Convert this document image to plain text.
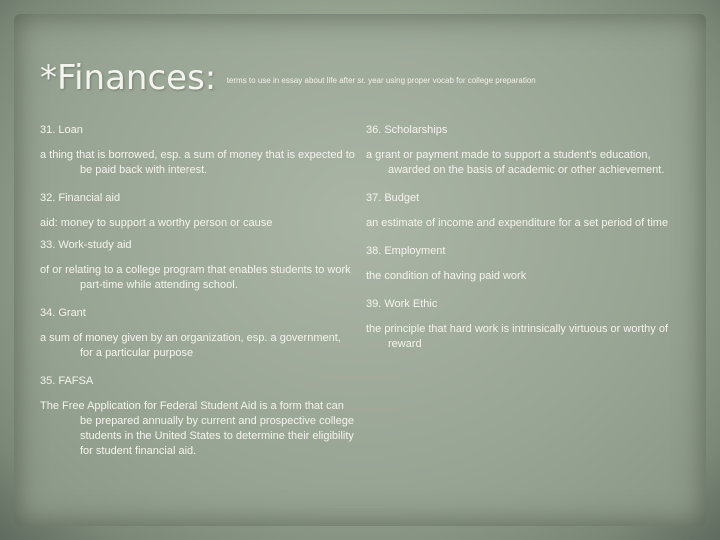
*Finances: $^{terms to use in essay about life after sr. year using proper vocab for college preparation}$
31. Loan
a thing that is borrowed, esp. a sum of money that is expected to be paid back with interest.
32. Financial aid
aid: money to support a worthy person or cause
33. Work-study aid
of or relating to a college program that enables students to work part-time while attending school.
34. Grant
a sum of money given by an organization, esp. a government, for a particular purpose
35. FAFSA
The Free Application for Federal Student Aid is a form that can be prepared annually by current and prospective college students in the United States to determine their eligibility for student financial aid.
36. Scholarships
a grant or payment made to support a student's education, awarded on the basis of academic or other achievement.
37. Budget
an estimate of income and expenditure for a set period of time
38. Employment
the condition of having paid work
39. Work Ethic
the principle that hard work is intrinsically virtuous or worthy of reward
